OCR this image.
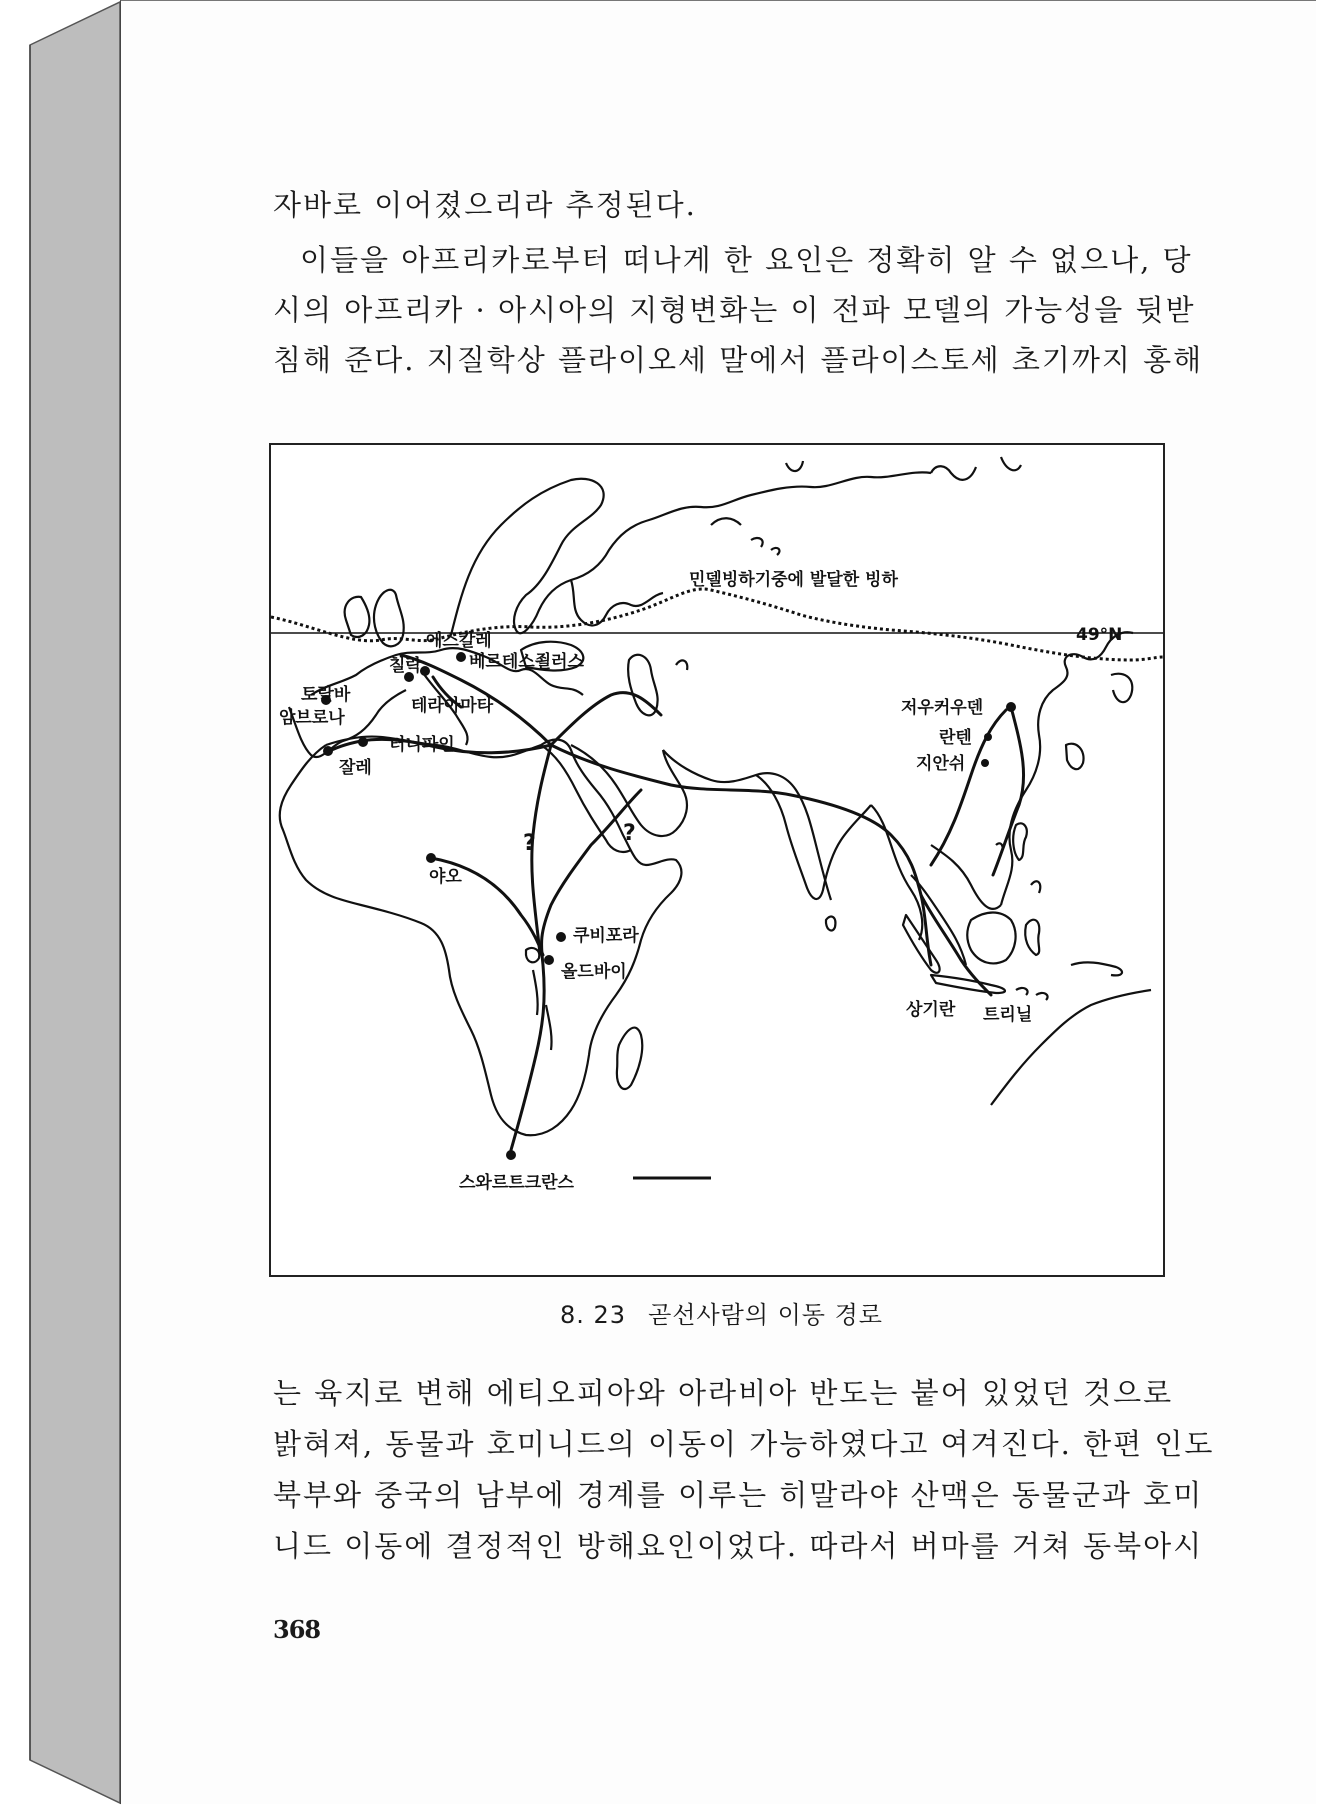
자바로 이어졌으리라 추정된다.
이들을 아프리카로부터 떠나게 한 요인은 정확히 알 수 없으나, 당
시의 아프리카 · 아시아의 지형변화는 이 전파 모델의 가능성을 뒷받
침해 준다. 지질학상 플라이오세 말에서 플라이스토세 초기까지 홍해
민델빙하기중에 발달한 빙하
49°N
에스칼레
칠락	베르테스죌러스
토랄바
암브로나
테라아마타
터니파인
잘레
야오
쿠비포라
올드바이
스와르트크란스
저우커우덴
란텐
지안쉬
상기란 트리닐
?	?
8. 23 곧선사람의 이동 경로
는 육지로 변해 에티오피아와 아라비아 반도는 붙어 있었던 것으로
밝혀져, 동물과 호미니드의 이동이 가능하였다고 여겨진다. 한편 인도
북부와 중국의 남부에 경계를 이루는 히말라야 산맥은 동물군과 호미
니드 이동에 결정적인 방해요인이었다. 따라서 버마를 거쳐 동북아시
368
